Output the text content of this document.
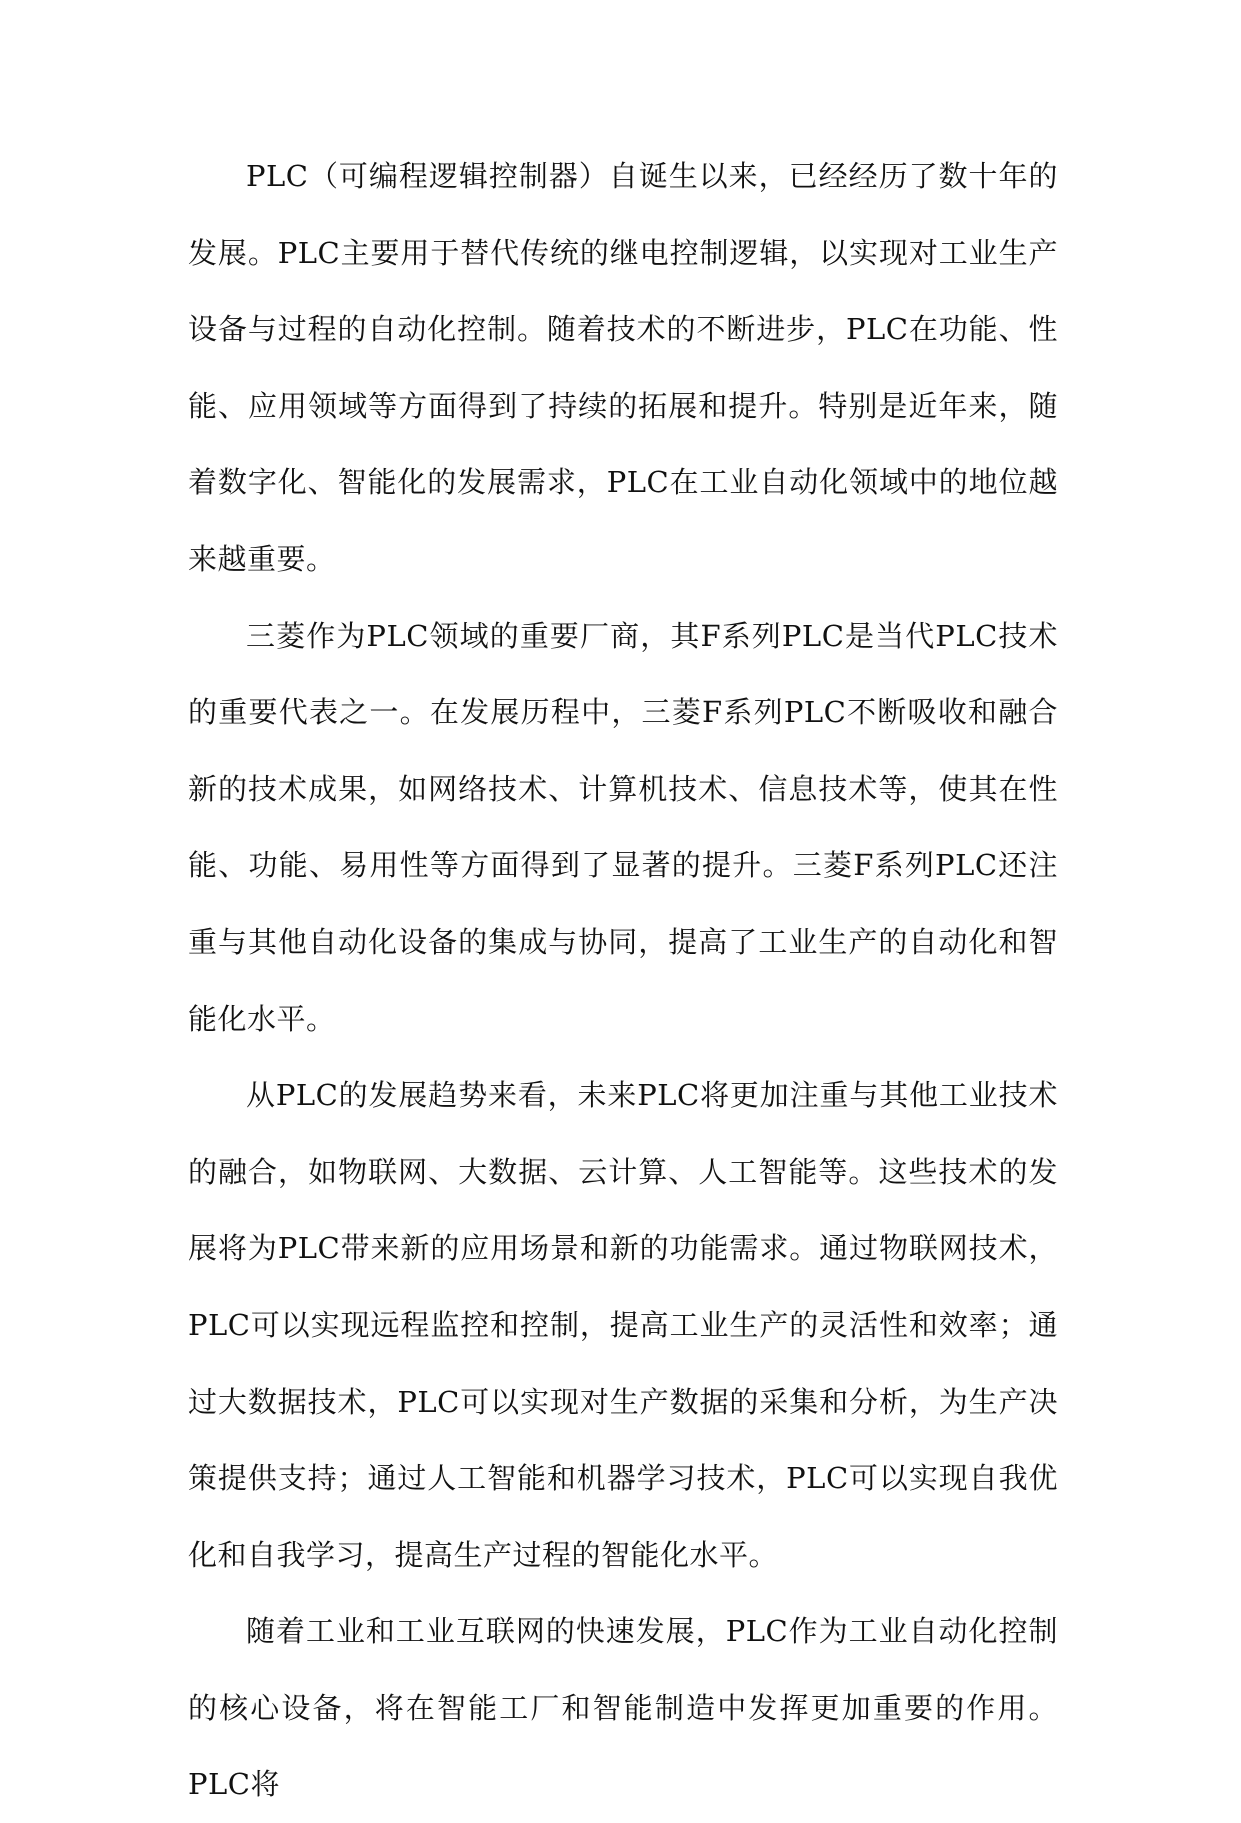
PLC（可编程逻辑控制器）自诞生以来，已经经历了数十年的发展。PLC主要用于替代传统的继电控制逻辑，以实现对工业生产设备与过程的自动化控制。随着技术的不断进步，PLC在功能、性能、应用领域等方面得到了持续的拓展和提升。特别是近年来，随着数字化、智能化的发展需求，PLC在工业自动化领域中的地位越来越重要。

三菱作为PLC领域的重要厂商，其F系列PLC是当代PLC技术的重要代表之一。在发展历程中，三菱F系列PLC不断吸收和融合新的技术成果，如网络技术、计算机技术、信息技术等，使其在性能、功能、易用性等方面得到了显著的提升。三菱F系列PLC还注重与其他自动化设备的集成与协同，提高了工业生产的自动化和智能化水平。

从PLC的发展趋势来看，未来PLC将更加注重与其他工业技术的融合，如物联网、大数据、云计算、人工智能等。这些技术的发展将为PLC带来新的应用场景和新的功能需求。通过物联网技术，PLC可以实现远程监控和控制，提高工业生产的灵活性和效率；通过大数据技术，PLC可以实现对生产数据的采集和分析，为生产决策提供支持；通过人工智能和机器学习技术，PLC可以实现自我优化和自我学习，提高生产过程的智能化水平。

随着工业和工业互联网的快速发展，PLC作为工业自动化控制的核心设备，将在智能工厂和智能制造中发挥更加重要的作用。PLC将
